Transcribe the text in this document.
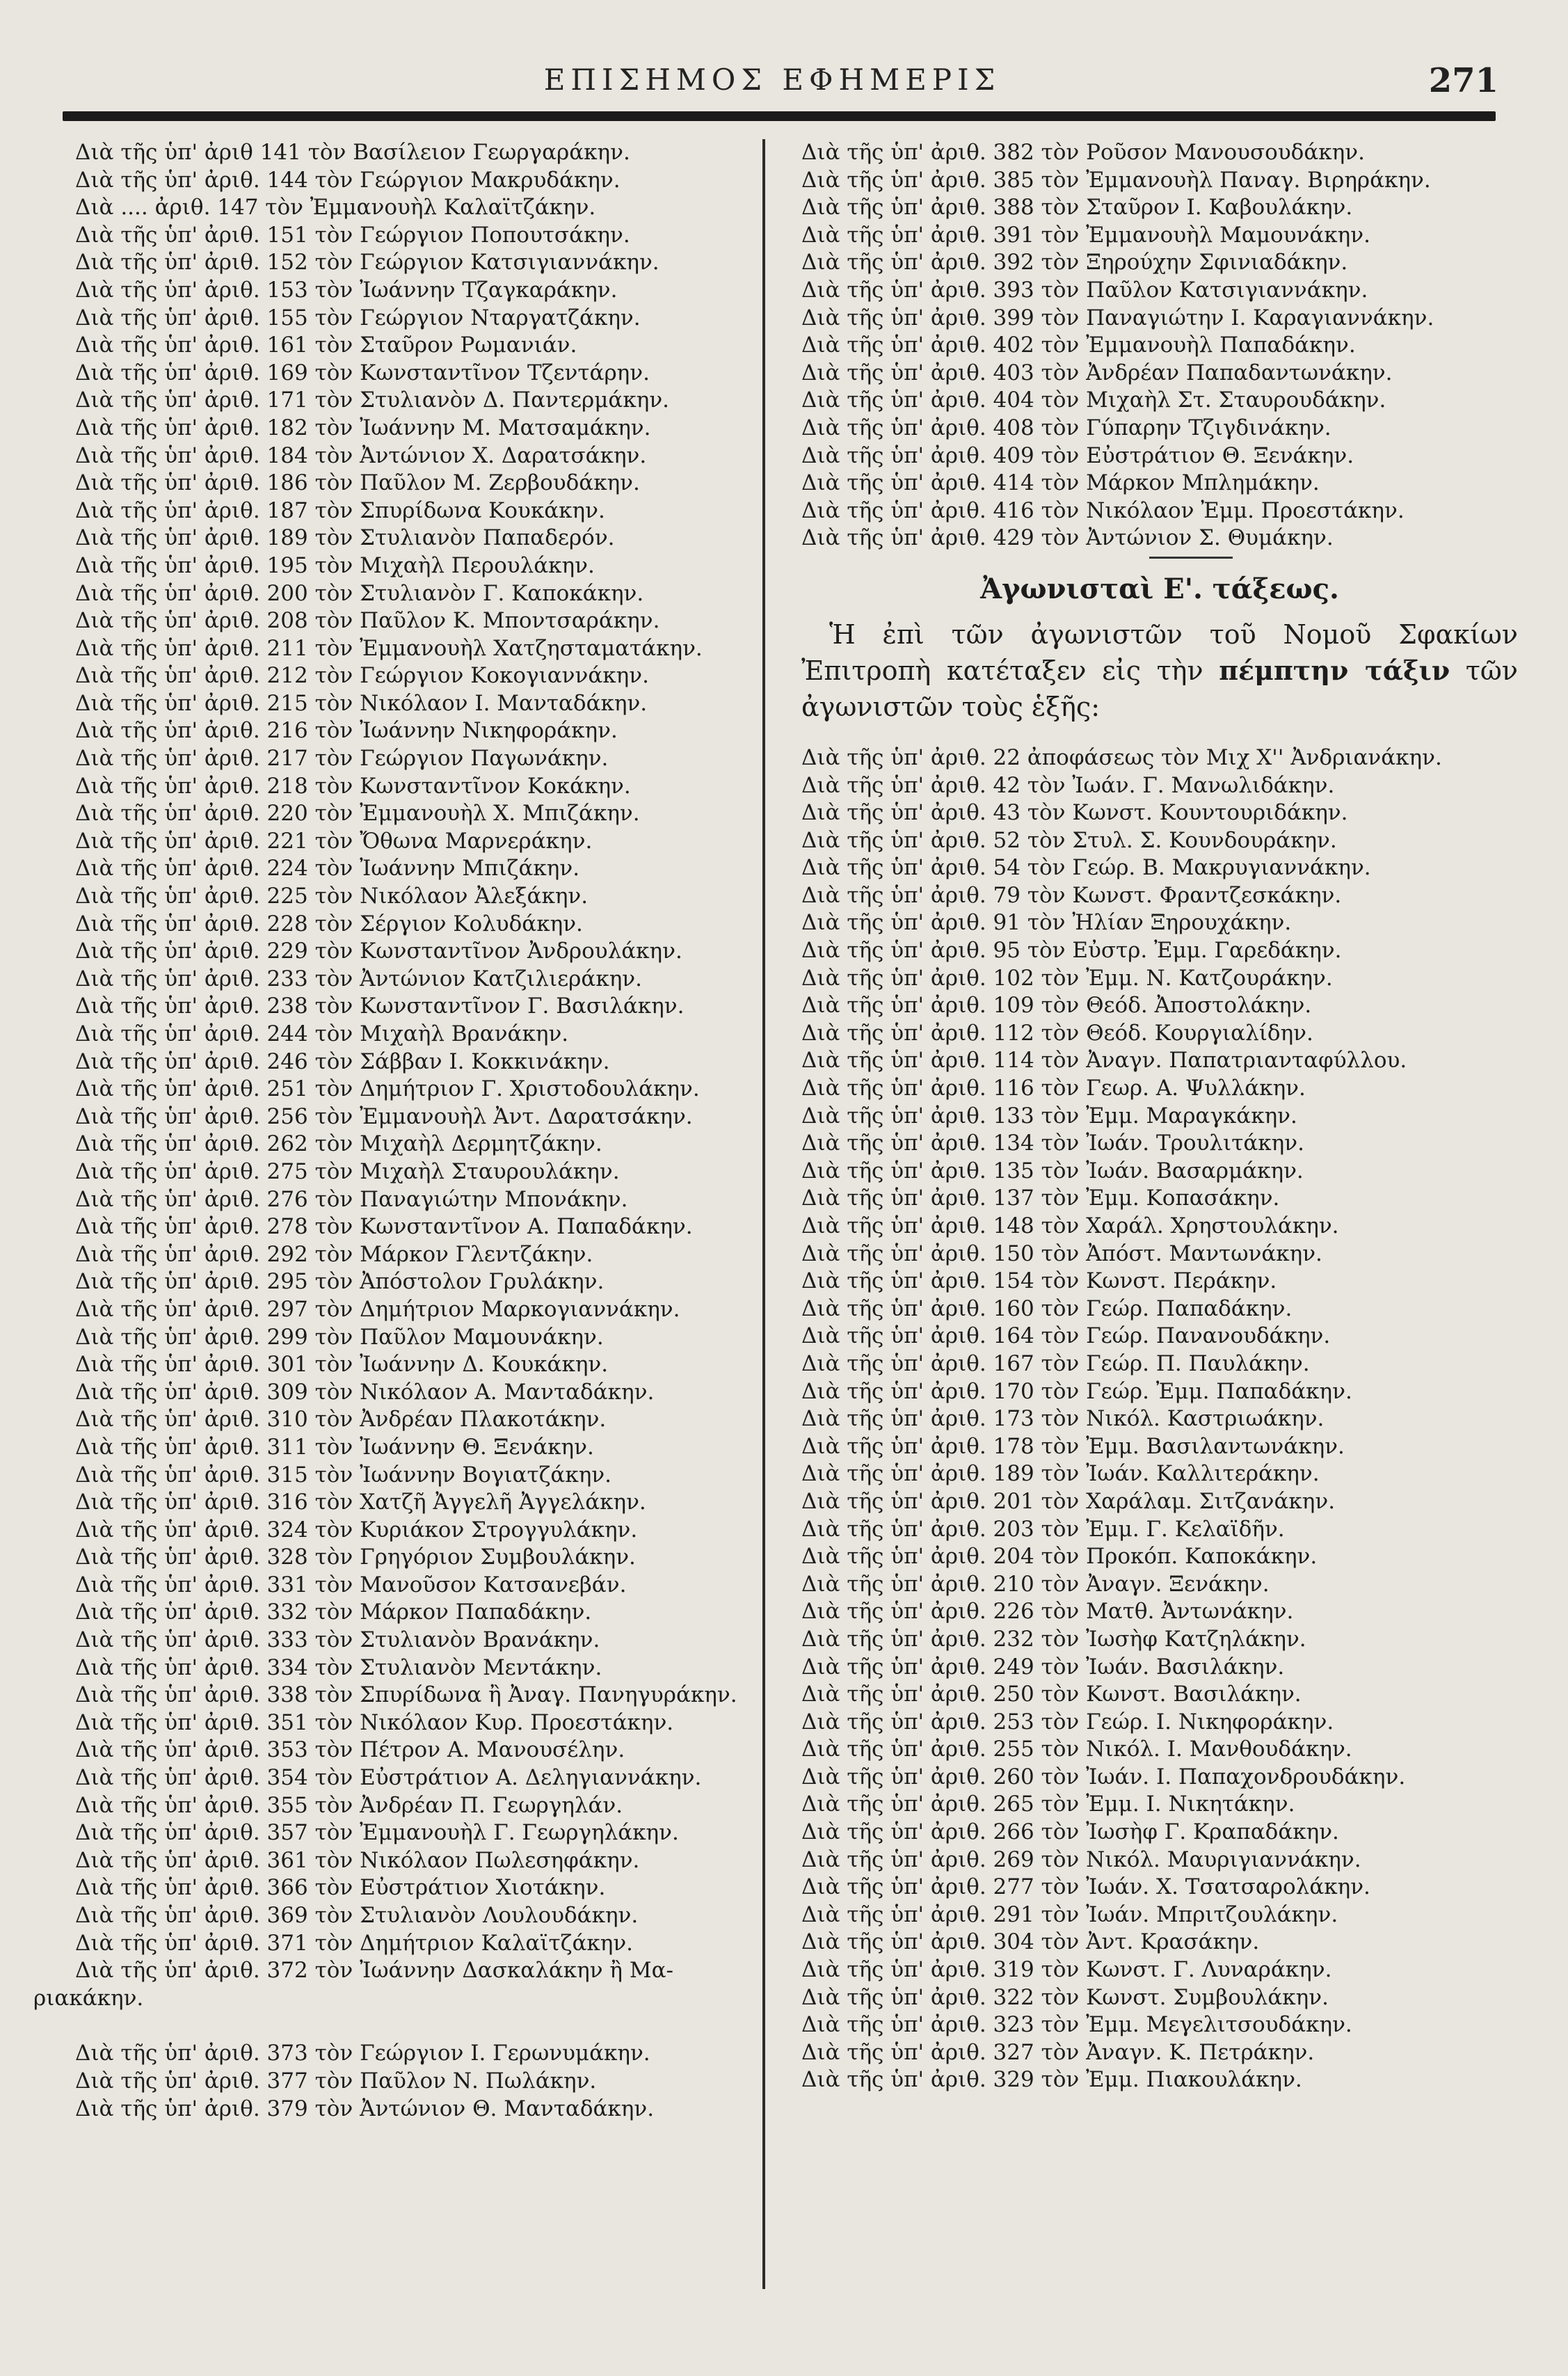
ΕΠΙΣΗΜΟΣ ΕΦΗΜΕΡΙΣ	271
Διὰ τῆς ὑπ' ἀριθ 141 τὸν Βασίλειον Γεωργαράκην.
Διὰ τῆς ὑπ' ἀριθ. 144 τὸν Γεώργιον Μακρυδάκην.
Διὰ .... ἀριθ. 147 τὸν Ἐμμανουὴλ Καλαϊτζάκην.
Διὰ τῆς ὑπ' ἀριθ. 151 τὸν Γεώργιον Ποπουτσάκην.
Διὰ τῆς ὑπ' ἀριθ. 152 τὸν Γεώργιον Κατσιγιαννάκην.
Διὰ τῆς ὑπ' ἀριθ. 153 τὸν Ἰωάννην Τζαγκαράκην.
Διὰ τῆς ὑπ' ἀριθ. 155 τὸν Γεώργιον Νταργατζάκην.
Διὰ τῆς ὑπ' ἀριθ. 161 τὸν Σταῦρον Ρωμανιάν.
Διὰ τῆς ὑπ' ἀριθ. 169 τὸν Κωνσταντῖνον Τζεντάρην.
Διὰ τῆς ὑπ' ἀριθ. 171 τὸν Στυλιανὸν Δ. Παντερμάκην.
Διὰ τῆς ὑπ' ἀριθ. 182 τὸν Ἰωάννην Μ. Ματσαμάκην.
Διὰ τῆς ὑπ' ἀριθ. 184 τὸν Ἀντώνιον Χ. Δαρατσάκην.
Διὰ τῆς ὑπ' ἀριθ. 186 τὸν Παῦλον Μ. Ζερβουδάκην.
Διὰ τῆς ὑπ' ἀριθ. 187 τὸν Σπυρίδωνα Κουκάκην.
Διὰ τῆς ὑπ' ἀριθ. 189 τὸν Στυλιανὸν Παπαδερόν.
Διὰ τῆς ὑπ' ἀριθ. 195 τὸν Μιχαὴλ Περουλάκην.
Διὰ τῆς ὑπ' ἀριθ. 200 τὸν Στυλιανὸν Γ. Καποκάκην.
Διὰ τῆς ὑπ' ἀριθ. 208 τὸν Παῦλον Κ. Μποντσαράκην.
Διὰ τῆς ὑπ' ἀριθ. 211 τὸν Ἐμμανουὴλ Χατζησταματάκην.
Διὰ τῆς ὑπ' ἀριθ. 212 τὸν Γεώργιον Κοκογιαννάκην.
Διὰ τῆς ὑπ' ἀριθ. 215 τὸν Νικόλαον Ι. Μανταδάκην.
Διὰ τῆς ὑπ' ἀριθ. 216 τὸν Ἰωάννην Νικηφοράκην.
Διὰ τῆς ὑπ' ἀριθ. 217 τὸν Γεώργιον Παγωνάκην.
Διὰ τῆς ὑπ' ἀριθ. 218 τὸν Κωνσταντῖνον Κοκάκην.
Διὰ τῆς ὑπ' ἀριθ. 220 τὸν Ἐμμανουὴλ Χ. Μπιζάκην.
Διὰ τῆς ὑπ' ἀριθ. 221 τὸν Ὄθωνα Μαρνεράκην.
Διὰ τῆς ὑπ' ἀριθ. 224 τὸν Ἰωάννην Μπιζάκην.
Διὰ τῆς ὑπ' ἀριθ. 225 τὸν Νικόλαον Ἀλεξάκην.
Διὰ τῆς ὑπ' ἀριθ. 228 τὸν Σέργιον Κολυδάκην.
Διὰ τῆς ὑπ' ἀριθ. 229 τὸν Κωνσταντῖνον Ἀνδρουλάκην.
Διὰ τῆς ὑπ' ἀριθ. 233 τὸν Ἀντώνιον Κατζιλιεράκην.
Διὰ τῆς ὑπ' ἀριθ. 238 τὸν Κωνσταντῖνον Γ. Βασιλάκην.
Διὰ τῆς ὑπ' ἀριθ. 244 τὸν Μιχαὴλ Βρανάκην.
Διὰ τῆς ὑπ' ἀριθ. 246 τὸν Σάββαν Ι. Κοκκινάκην.
Διὰ τῆς ὑπ' ἀριθ. 251 τὸν Δημήτριον Γ. Χριστοδουλάκην.
Διὰ τῆς ὑπ' ἀριθ. 256 τὸν Ἐμμανουὴλ Ἀντ. Δαρατσάκην.
Διὰ τῆς ὑπ' ἀριθ. 262 τὸν Μιχαὴλ Δερμητζάκην.
Διὰ τῆς ὑπ' ἀριθ. 275 τὸν Μιχαὴλ Σταυρουλάκην.
Διὰ τῆς ὑπ' ἀριθ. 276 τὸν Παναγιώτην Μπονάκην.
Διὰ τῆς ὑπ' ἀριθ. 278 τὸν Κωνσταντῖνον Α. Παπαδάκην.
Διὰ τῆς ὑπ' ἀριθ. 292 τὸν Μάρκον Γλεντζάκην.
Διὰ τῆς ὑπ' ἀριθ. 295 τὸν Ἀπόστολον Γρυλάκην.
Διὰ τῆς ὑπ' ἀριθ. 297 τὸν Δημήτριον Μαρκογιαννάκην.
Διὰ τῆς ὑπ' ἀριθ. 299 τὸν Παῦλον Μαμουνάκην.
Διὰ τῆς ὑπ' ἀριθ. 301 τὸν Ἰωάννην Δ. Κουκάκην.
Διὰ τῆς ὑπ' ἀριθ. 309 τὸν Νικόλαον Α. Μανταδάκην.
Διὰ τῆς ὑπ' ἀριθ. 310 τὸν Ἀνδρέαν Πλακοτάκην.
Διὰ τῆς ὑπ' ἀριθ. 311 τὸν Ἰωάννην Θ. Ξενάκην.
Διὰ τῆς ὑπ' ἀριθ. 315 τὸν Ἰωάννην Βογιατζάκην.
Διὰ τῆς ὑπ' ἀριθ. 316 τὸν Χατζῆ Ἀγγελῆ Ἀγγελάκην.
Διὰ τῆς ὑπ' ἀριθ. 324 τὸν Κυριάκον Στρογγυλάκην.
Διὰ τῆς ὑπ' ἀριθ. 328 τὸν Γρηγόριον Συμβουλάκην.
Διὰ τῆς ὑπ' ἀριθ. 331 τὸν Μανοῦσον Κατσανεβάν.
Διὰ τῆς ὑπ' ἀριθ. 332 τὸν Μάρκον Παπαδάκην.
Διὰ τῆς ὑπ' ἀριθ. 333 τὸν Στυλιανὸν Βρανάκην.
Διὰ τῆς ὑπ' ἀριθ. 334 τὸν Στυλιανὸν Μεντάκην.
Διὰ τῆς ὑπ' ἀριθ. 338 τὸν Σπυρίδωνα ἢ Ἀναγ. Πανηγυράκην.
Διὰ τῆς ὑπ' ἀριθ. 351 τὸν Νικόλαον Κυρ. Προεστάκην.
Διὰ τῆς ὑπ' ἀριθ. 353 τὸν Πέτρον Α. Μανουσέλην.
Διὰ τῆς ὑπ' ἀριθ. 354 τὸν Εὐστράτιον Α. Δεληγιαννάκην.
Διὰ τῆς ὑπ' ἀριθ. 355 τὸν Ἀνδρέαν Π. Γεωργηλάν.
Διὰ τῆς ὑπ' ἀριθ. 357 τὸν Ἐμμανουὴλ Γ. Γεωργηλάκην.
Διὰ τῆς ὑπ' ἀριθ. 361 τὸν Νικόλαον Πωλεσηφάκην.
Διὰ τῆς ὑπ' ἀριθ. 366 τὸν Εὐστράτιον Χιοτάκην.
Διὰ τῆς ὑπ' ἀριθ. 369 τὸν Στυλιανὸν Λουλουδάκην.
Διὰ τῆς ὑπ' ἀριθ. 371 τὸν Δημήτριον Καλαϊτζάκην.
Διὰ τῆς ὑπ' ἀριθ. 372 τὸν Ἰωάννην Δασκαλάκην ἢ Μα-
ριακάκην.
Διὰ τῆς ὑπ' ἀριθ. 373 τὸν Γεώργιον Ι. Γερωνυμάκην.
Διὰ τῆς ὑπ' ἀριθ. 377 τὸν Παῦλον Ν. Πωλάκην.
Διὰ τῆς ὑπ' ἀριθ. 379 τὸν Ἀντώνιον Θ. Μανταδάκην.
Διὰ τῆς ὑπ' ἀριθ. 382 τὸν Ροῦσον Μανουσουδάκην.
Διὰ τῆς ὑπ' ἀριθ. 385 τὸν Ἐμμανουὴλ Παναγ. Βιρηράκην.
Διὰ τῆς ὑπ' ἀριθ. 388 τὸν Σταῦρον Ι. Καβουλάκην.
Διὰ τῆς ὑπ' ἀριθ. 391 τὸν Ἐμμανουὴλ Μαμουνάκην.
Διὰ τῆς ὑπ' ἀριθ. 392 τὸν Ξηρούχην Σφινιαδάκην.
Διὰ τῆς ὑπ' ἀριθ. 393 τὸν Παῦλον Κατσιγιαννάκην.
Διὰ τῆς ὑπ' ἀριθ. 399 τὸν Παναγιώτην Ι. Καραγιαννάκην.
Διὰ τῆς ὑπ' ἀριθ. 402 τὸν Ἐμμανουὴλ Παπαδάκην.
Διὰ τῆς ὑπ' ἀριθ. 403 τὸν Ἀνδρέαν Παπαδαντωνάκην.
Διὰ τῆς ὑπ' ἀριθ. 404 τὸν Μιχαὴλ Στ. Σταυρουδάκην.
Διὰ τῆς ὑπ' ἀριθ. 408 τὸν Γύπαρην Τζιγδινάκην.
Διὰ τῆς ὑπ' ἀριθ. 409 τὸν Εὐστράτιον Θ. Ξενάκην.
Διὰ τῆς ὑπ' ἀριθ. 414 τὸν Μάρκον Μπλημάκην.
Διὰ τῆς ὑπ' ἀριθ. 416 τὸν Νικόλαον Ἐμμ. Προεστάκην.
Διὰ τῆς ὑπ' ἀριθ. 429 τὸν Ἀντώνιον Σ. Θυμάκην.
Ἀγωνισταὶ Ε'. τάξεως.
Ἡ ἐπὶ τῶν ἀγωνιστῶν τοῦ Νομοῦ Σφακίων Ἐπιτροπὴ κατέταξεν εἰς τὴν πέμπτην τάξιν τῶν ἀγωνιστῶν τοὺς ἑξῆς:
Διὰ τῆς ὑπ' ἀριθ. 22 ἀποφάσεως τὸν Μιχ Χ'' Ἀνδριανάκην.
Διὰ τῆς ὑπ' ἀριθ. 42 τὸν Ἰωάν. Γ. Μανωλιδάκην.
Διὰ τῆς ὑπ' ἀριθ. 43 τὸν Κωνστ. Κουντουριδάκην.
Διὰ τῆς ὑπ' ἀριθ. 52 τὸν Στυλ. Σ. Κουνδουράκην.
Διὰ τῆς ὑπ' ἀριθ. 54 τὸν Γεώρ. Β. Μακρυγιαννάκην.
Διὰ τῆς ὑπ' ἀριθ. 79 τὸν Κωνστ. Φραντζεσκάκην.
Διὰ τῆς ὑπ' ἀριθ. 91 τὸν Ἠλίαν Ξηρουχάκην.
Διὰ τῆς ὑπ' ἀριθ. 95 τὸν Εὐστρ. Ἐμμ. Γαρεδάκην.
Διὰ τῆς ὑπ' ἀριθ. 102 τὸν Ἐμμ. Ν. Κατζουράκην.
Διὰ τῆς ὑπ' ἀριθ. 109 τὸν Θεόδ. Ἀποστολάκην.
Διὰ τῆς ὑπ' ἀριθ. 112 τὸν Θεόδ. Κουργιαλίδην.
Διὰ τῆς ὑπ' ἀριθ. 114 τὸν Ἀναγν. Παπατριανταφύλλου.
Διὰ τῆς ὑπ' ἀριθ. 116 τὸν Γεωρ. Α. Ψυλλάκην.
Διὰ τῆς ὑπ' ἀριθ. 133 τὸν Ἐμμ. Μαραγκάκην.
Διὰ τῆς ὑπ' ἀριθ. 134 τὸν Ἰωάν. Τρουλιτάκην.
Διὰ τῆς ὑπ' ἀριθ. 135 τὸν Ἰωάν. Βασαρμάκην.
Διὰ τῆς ὑπ' ἀριθ. 137 τὸν Ἐμμ. Κοπασάκην.
Διὰ τῆς ὑπ' ἀριθ. 148 τὸν Χαράλ. Χρηστουλάκην.
Διὰ τῆς ὑπ' ἀριθ. 150 τὸν Ἀπόστ. Μαντωνάκην.
Διὰ τῆς ὑπ' ἀριθ. 154 τὸν Κωνστ. Περάκην.
Διὰ τῆς ὑπ' ἀριθ. 160 τὸν Γεώρ. Παπαδάκην.
Διὰ τῆς ὑπ' ἀριθ. 164 τὸν Γεώρ. Πανανουδάκην.
Διὰ τῆς ὑπ' ἀριθ. 167 τὸν Γεώρ. Π. Παυλάκην.
Διὰ τῆς ὑπ' ἀριθ. 170 τὸν Γεώρ. Ἐμμ. Παπαδάκην.
Διὰ τῆς ὑπ' ἀριθ. 173 τὸν Νικόλ. Καστριωάκην.
Διὰ τῆς ὑπ' ἀριθ. 178 τὸν Ἐμμ. Βασιλαντωνάκην.
Διὰ τῆς ὑπ' ἀριθ. 189 τὸν Ἰωάν. Καλλιτεράκην.
Διὰ τῆς ὑπ' ἀριθ. 201 τὸν Χαράλαμ. Σιτζανάκην.
Διὰ τῆς ὑπ' ἀριθ. 203 τὸν Ἐμμ. Γ. Κελαϊδῆν.
Διὰ τῆς ὑπ' ἀριθ. 204 τὸν Προκόπ. Καποκάκην.
Διὰ τῆς ὑπ' ἀριθ. 210 τὸν Ἀναγν. Ξενάκην.
Διὰ τῆς ὑπ' ἀριθ. 226 τὸν Ματθ. Ἀντωνάκην.
Διὰ τῆς ὑπ' ἀριθ. 232 τὸν Ἰωσὴφ Κατζηλάκην.
Διὰ τῆς ὑπ' ἀριθ. 249 τὸν Ἰωάν. Βασιλάκην.
Διὰ τῆς ὑπ' ἀριθ. 250 τὸν Κωνστ. Βασιλάκην.
Διὰ τῆς ὑπ' ἀριθ. 253 τὸν Γεώρ. Ι. Νικηφοράκην.
Διὰ τῆς ὑπ' ἀριθ. 255 τὸν Νικόλ. Ι. Μανθουδάκην.
Διὰ τῆς ὑπ' ἀριθ. 260 τὸν Ἰωάν. Ι. Παπαχονδρουδάκην.
Διὰ τῆς ὑπ' ἀριθ. 265 τὸν Ἐμμ. Ι. Νικητάκην.
Διὰ τῆς ὑπ' ἀριθ. 266 τὸν Ἰωσὴφ Γ. Κραπαδάκην.
Διὰ τῆς ὑπ' ἀριθ. 269 τὸν Νικόλ. Μαυριγιαννάκην.
Διὰ τῆς ὑπ' ἀριθ. 277 τὸν Ἰωάν. Χ. Τσατσαρολάκην.
Διὰ τῆς ὑπ' ἀριθ. 291 τὸν Ἰωάν. Μπριτζουλάκην.
Διὰ τῆς ὑπ' ἀριθ. 304 τὸν Ἀντ. Κρασάκην.
Διὰ τῆς ὑπ' ἀριθ. 319 τὸν Κωνστ. Γ. Λυναράκην.
Διὰ τῆς ὑπ' ἀριθ. 322 τὸν Κωνστ. Συμβουλάκην.
Διὰ τῆς ὑπ' ἀριθ. 323 τὸν Ἐμμ. Μεγελιτσουδάκην.
Διὰ τῆς ὑπ' ἀριθ. 327 τὸν Ἀναγν. Κ. Πετράκην.
Διὰ τῆς ὑπ' ἀριθ. 329 τὸν Ἐμμ. Πιακουλάκην.
